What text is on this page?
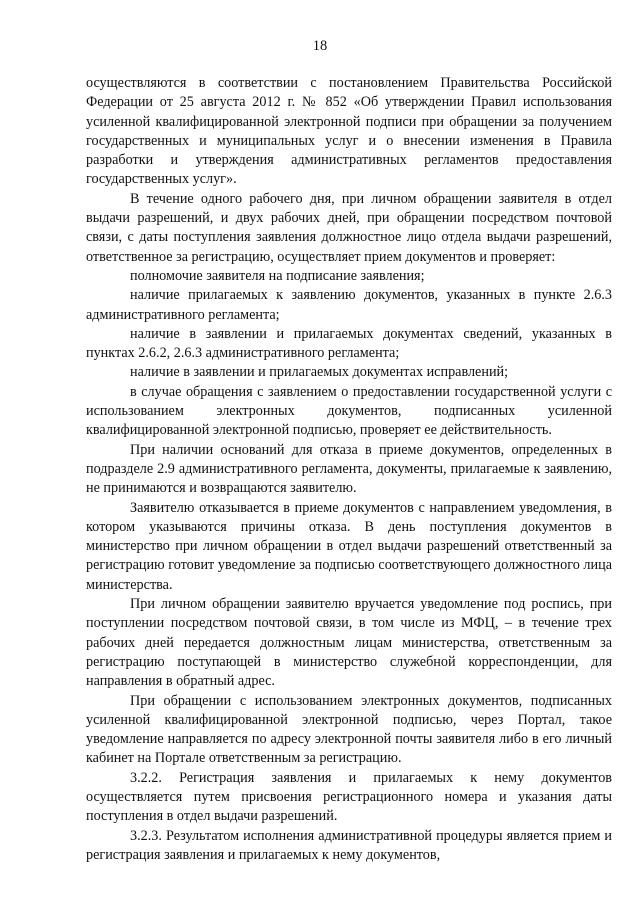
18

осуществляются в соответствии с постановлением Правительства Российской Федерации от 25 августа 2012 г. № 852 «Об утверждении Правил использования усиленной квалифицированной электронной подписи при обращении за получением государственных и муниципальных услуг и о внесении изменения в Правила разработки и утверждения административных регламентов предоставления государственных услуг».

В течение одного рабочего дня, при личном обращении заявителя в отдел выдачи разрешений, и двух рабочих дней, при обращении посредством почтовой связи, с даты поступления заявления должностное лицо отдела выдачи разрешений, ответственное за регистрацию, осуществляет прием документов и проверяет:

полномочие заявителя на подписание заявления;

наличие прилагаемых к заявлению документов, указанных в пункте 2.6.3 административного регламента;

наличие в заявлении и прилагаемых документах сведений, указанных в пунктах 2.6.2, 2.6.3 административного регламента;

наличие в заявлении и прилагаемых документах исправлений;

в случае обращения с заявлением о предоставлении государственной услуги с использованием электронных документов, подписанных усиленной квалифицированной электронной подписью, проверяет ее действительность.

При наличии оснований для отказа в приеме документов, определенных в подразделе 2.9 административного регламента, документы, прилагаемые к заявлению, не принимаются и возвращаются заявителю.

Заявителю отказывается в приеме документов с направлением уведомления, в котором указываются причины отказа. В день поступления документов в министерство при личном обращении в отдел выдачи разрешений ответственный за регистрацию готовит уведомление за подписью соответствующего должностного лица министерства.

При личном обращении заявителю вручается уведомление под роспись, при поступлении посредством почтовой связи, в том числе из МФЦ, – в течение трех рабочих дней передается должностным лицам министерства, ответственным за регистрацию поступающей в министерство служебной корреспонденции, для направления в обратный адрес.

При обращении с использованием электронных документов, подписанных усиленной квалифицированной электронной подписью, через Портал, такое уведомление направляется по адресу электронной почты заявителя либо в его личный кабинет на Портале ответственным за регистрацию.

3.2.2. Регистрация заявления и прилагаемых к нему документов осуществляется путем присвоения регистрационного номера и указания даты поступления в отдел выдачи разрешений.

3.2.3. Результатом исполнения административной процедуры является прием и регистрация заявления и прилагаемых к нему документов,
